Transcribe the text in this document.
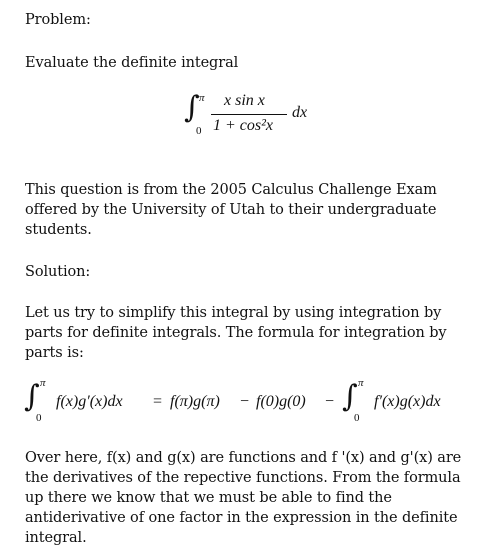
Problem:

Evaluate the definite integral

∫ π
0
x sin x
1 + cos²x
dx

This question is from the 2005 Calculus Challenge Exam offered by the University of Utah to their undergraduate students.

Solution:

Let us try to simplify this integral by using integration by parts for definite integrals. The formula for integration by parts is:

∫ π
0
f(x)g′(x)dx = f(π)g(π) − f(0)g(0) − ∫ π
0
f′(x)g(x)dx

Over here, f(x) and g(x) are functions and f '(x) and g'(x) are the derivatives of the repective functions. From the formula up there we know that we must be able to find the antiderivative of one factor in the expression in the definite integral.
